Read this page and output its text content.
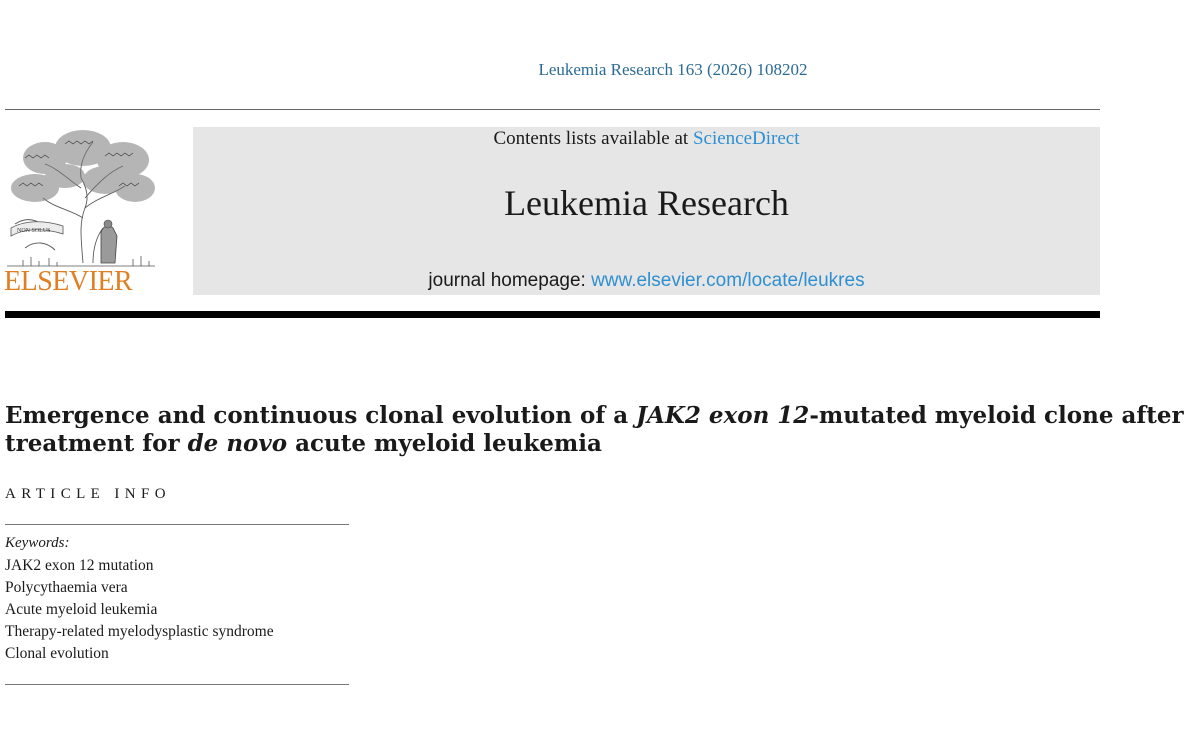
Leukemia Research 163 (2026) 108202
NON SOLUS
ELSEVIER
Contents lists available at ScienceDirect
Leukemia Research
journal homepage: www.elsevier.com/locate/leukres
Emergence and continuous clonal evolution of a JAK2 exon 12-mutated myeloid clone after
treatment for de novo acute myeloid leukemia
ARTICLE INFO
Keywords:
JAK2 exon 12 mutation
Polycythaemia vera
Acute myeloid leukemia
Therapy-related myelodysplastic syndrome
Clonal evolution
